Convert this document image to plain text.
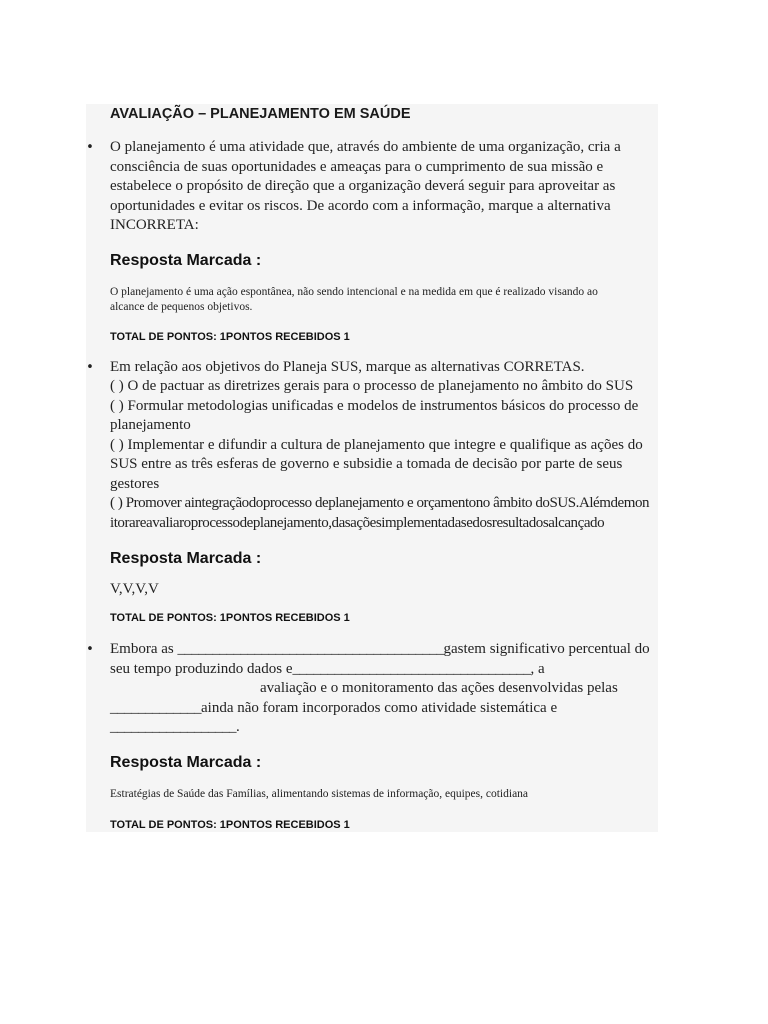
AVALIAÇÃO – PLANEJAMENTO EM SAÚDE
• O planejamento é uma atividade que, através do ambiente de uma organização, cria a consciência de suas oportunidades e ameaças para o cumprimento de sua missão e estabelece o propósito de direção que a organização deverá seguir para aproveitar as oportunidades e evitar os riscos. De acordo com a informação, marque a alternativa INCORRETA:

Resposta Marcada :
O planejamento é uma ação espontânea, não sendo intencional e na medida em que é realizado visando ao alcance de pequenos objetivos.
TOTAL DE PONTOS: 1PONTOS RECEBIDOS 1
• Em relação aos objetivos do Planeja SUS, marque as alternativas CORRETAS.

( ) O de pactuar as diretrizes gerais para o processo de planejamento no âmbito do SUS

( ) Formular metodologias unificadas e modelos de instrumentos básicos do processo de planejamento

( ) Implementar e difundir a cultura de planejamento que integre e qualifique as ações do SUS entre as três esferas de governo e subsidie a tomada de decisão por parte de seus gestores

( ) Promover aintegraçãodoprocesso deplanejamento e orçamentono âmbito doSUS.Alémdemonitorareavaliaroprocessodeplanejamento,dasaçõesimplementadasedosresultadosalcançado

Resposta Marcada :
V,V,V,V
TOTAL DE PONTOS: 1PONTOS RECEBIDOS 1
• Embora as ______________________________________gastem significativo percentual do seu tempo produzindo dados e__________________________________, a avaliação e o monitoramento das ações desenvolvidas pelas _____________ainda não foram incorporados como atividade sistemática e __________________.

Resposta Marcada :
Estratégias de Saúde das Famílias, alimentando sistemas de informação, equipes, cotidiana
TOTAL DE PONTOS: 1PONTOS RECEBIDOS 1
